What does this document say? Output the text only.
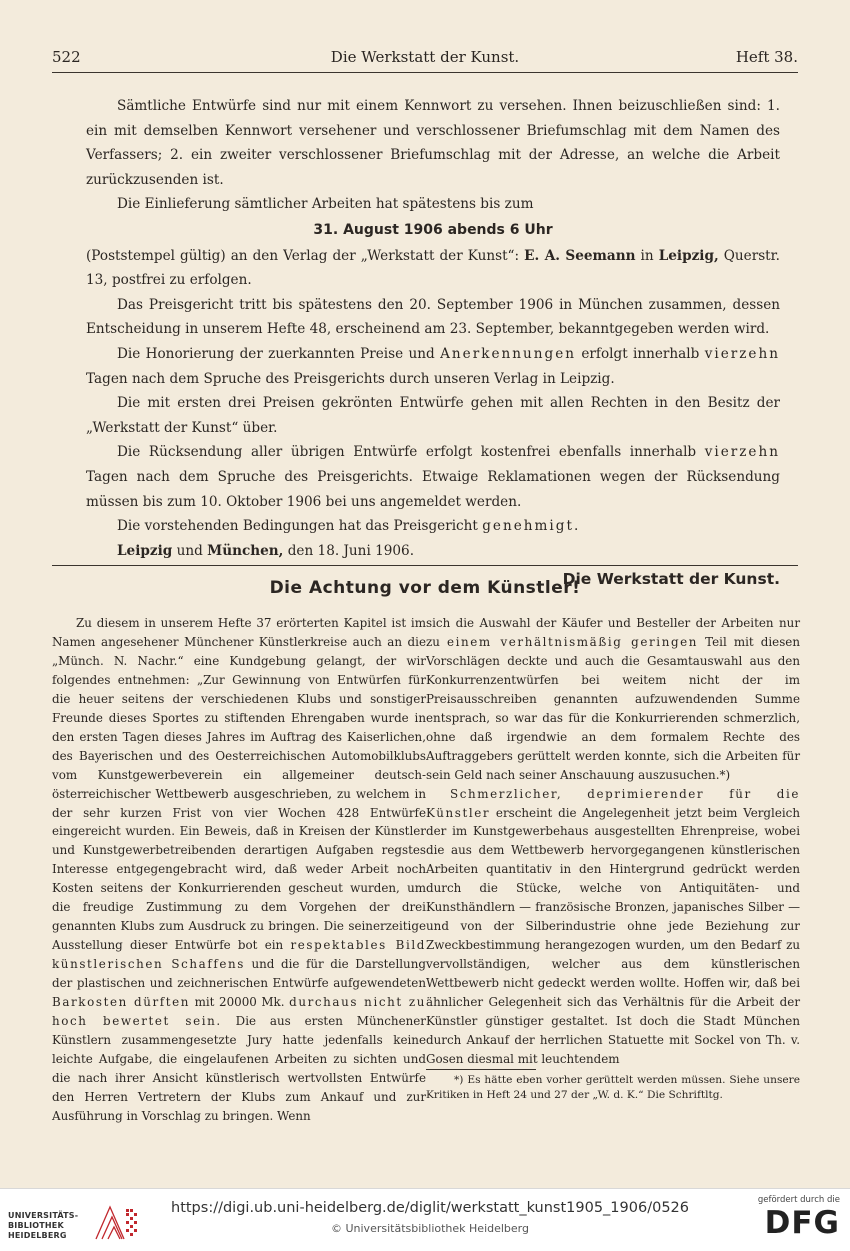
522	Die Werkstatt der Kunst.	Heft 38.

Sämtliche Entwürfe sind nur mit einem Kennwort zu versehen. Ihnen beizuschließen sind: 1. ein mit demselben Kennwort versehener und verschlossener Briefumschlag mit dem Namen des Verfassers; 2. ein zweiter verschlossener Briefumschlag mit der Adresse, an welche die Arbeit zurückzusenden ist.

Die Einlieferung sämtlicher Arbeiten hat spätestens bis zum

31. August 1906 abends 6 Uhr

(Poststempel gültig) an den Verlag der „Werkstatt der Kunst“: E. A. Seemann in Leipzig, Querstr. 13, postfrei zu erfolgen.

Das Preisgericht tritt bis spätestens den 20. September 1906 in München zusammen, dessen Entscheidung in unserem Hefte 48, erscheinend am 23. September, bekanntgegeben werden wird.

Die Honorierung der zuerkannten Preise und Anerkennungen erfolgt innerhalb vierzehn Tagen nach dem Spruche des Preisgerichts durch unseren Verlag in Leipzig.

Die mit ersten drei Preisen gekrönten Entwürfe gehen mit allen Rechten in den Besitz der „Werkstatt der Kunst“ über.

Die Rücksendung aller übrigen Entwürfe erfolgt kostenfrei ebenfalls innerhalb vierzehn Tagen nach dem Spruche des Preisgerichts. Etwaige Reklamationen wegen der Rücksendung müssen bis zum 10. Oktober 1906 bei uns angemeldet werden.

Die vorstehenden Bedingungen hat das Preisgericht genehmigt.

Leipzig und München, den 18. Juni 1906.

Die Werkstatt der Kunst.

Die Achtung vor dem Künstler!

Zu diesem in unserem Hefte 37 erörterten Kapitel ist im Namen angesehener Münchener Künstlerkreise auch an die „Münch. N. Nachr.“ eine Kundgebung gelangt, der wir folgendes entnehmen: „Zur Gewinnung von Entwürfen für die heuer seitens der verschiedenen Klubs und sonstiger Freunde dieses Sportes zu stiftenden Ehrengaben wurde in den ersten Tagen dieses Jahres im Auftrag des Kaiserlichen, des Bayerischen und des Oesterreichischen Automobilklubs vom Kunstgewerbeverein ein allgemeiner deutsch-österreichischer Wettbewerb ausgeschrieben, zu welchem in der sehr kurzen Frist von vier Wochen 428 Entwürfe eingereicht wurden. Ein Beweis, daß in Kreisen der Künstler und Kunstgewerbetreibenden derartigen Aufgaben regstes Interesse entgegengebracht wird, daß weder Arbeit noch Kosten seitens der Konkurrierenden gescheut wurden, um die freudige Zustimmung zu dem Vorgehen der drei genannten Klubs zum Ausdruck zu bringen. Die seinerzeitige Ausstellung dieser Entwürfe bot ein respektables Bild künstlerischen Schaffens und die für die Darstellung der plastischen und zeichnerischen Entwürfe aufgewendeten Barkosten dürften mit 20000 Mk. durchaus nicht zu hoch bewertet sein. Die aus ersten Münchener Künstlern zusammengesetzte Jury hatte jedenfalls keine leichte Aufgabe, die eingelaufenen Arbeiten zu sichten und die nach ihrer Ansicht künstlerisch wertvollsten Entwürfe den Herren Vertretern der Klubs zum Ankauf und zur Ausführung in Vorschlag zu bringen. Wenn

sich die Auswahl der Käufer und Besteller der Arbeiten nur zu einem verhältnismäßig geringen Teil mit diesen Vorschlägen deckte und auch die Gesamtauswahl aus den Konkurrenzentwürfen bei weitem nicht der im Preisausschreiben genannten aufzuwendenden Summe entsprach, so war das für die Konkurrierenden schmerzlich, ohne daß irgendwie an dem formalem Rechte des Auftraggebers gerüttelt werden konnte, sich die Arbeiten für sein Geld nach seiner Anschauung auszusuchen.*)

Schmerzlicher, deprimierender für die Künstler erscheint die Angelegenheit jetzt beim Vergleich der im Kunstgewerbehaus ausgestellten Ehrenpreise, wobei die aus dem Wettbewerb hervorgegangenen künstlerischen Arbeiten quantitativ in den Hintergrund gedrückt werden durch die Stücke, welche von Antiquitäten- und Kunsthändlern — französische Bronzen, japanisches Silber — und von der Silberindustrie ohne jede Beziehung zur Zweckbestimmung herangezogen wurden, um den Bedarf zu vervollständigen, welcher aus dem künstlerischen Wettbewerb nicht gedeckt werden wollte. Hoffen wir, daß bei ähnlicher Gelegenheit sich das Verhältnis für die Arbeit der Künstler günstiger gestaltet. Ist doch die Stadt München durch Ankauf der herrlichen Statuette mit Sockel von Th. v. Gosen diesmal mit leuchtendem

*) Es hätte eben vorher gerüttelt werden müssen. Siehe unsere Kritiken in Heft 24 und 27 der „W. d. K.“ Die Schriftltg.

UNIVERSITÄTS-
BIBLIOTHEK
HEIDELBERG
https://digi.ub.uni-heidelberg.de/diglit/werkstatt_kunst1905_1906/0526
© Universitätsbibliothek Heidelberg
gefördert durch die
DFG
